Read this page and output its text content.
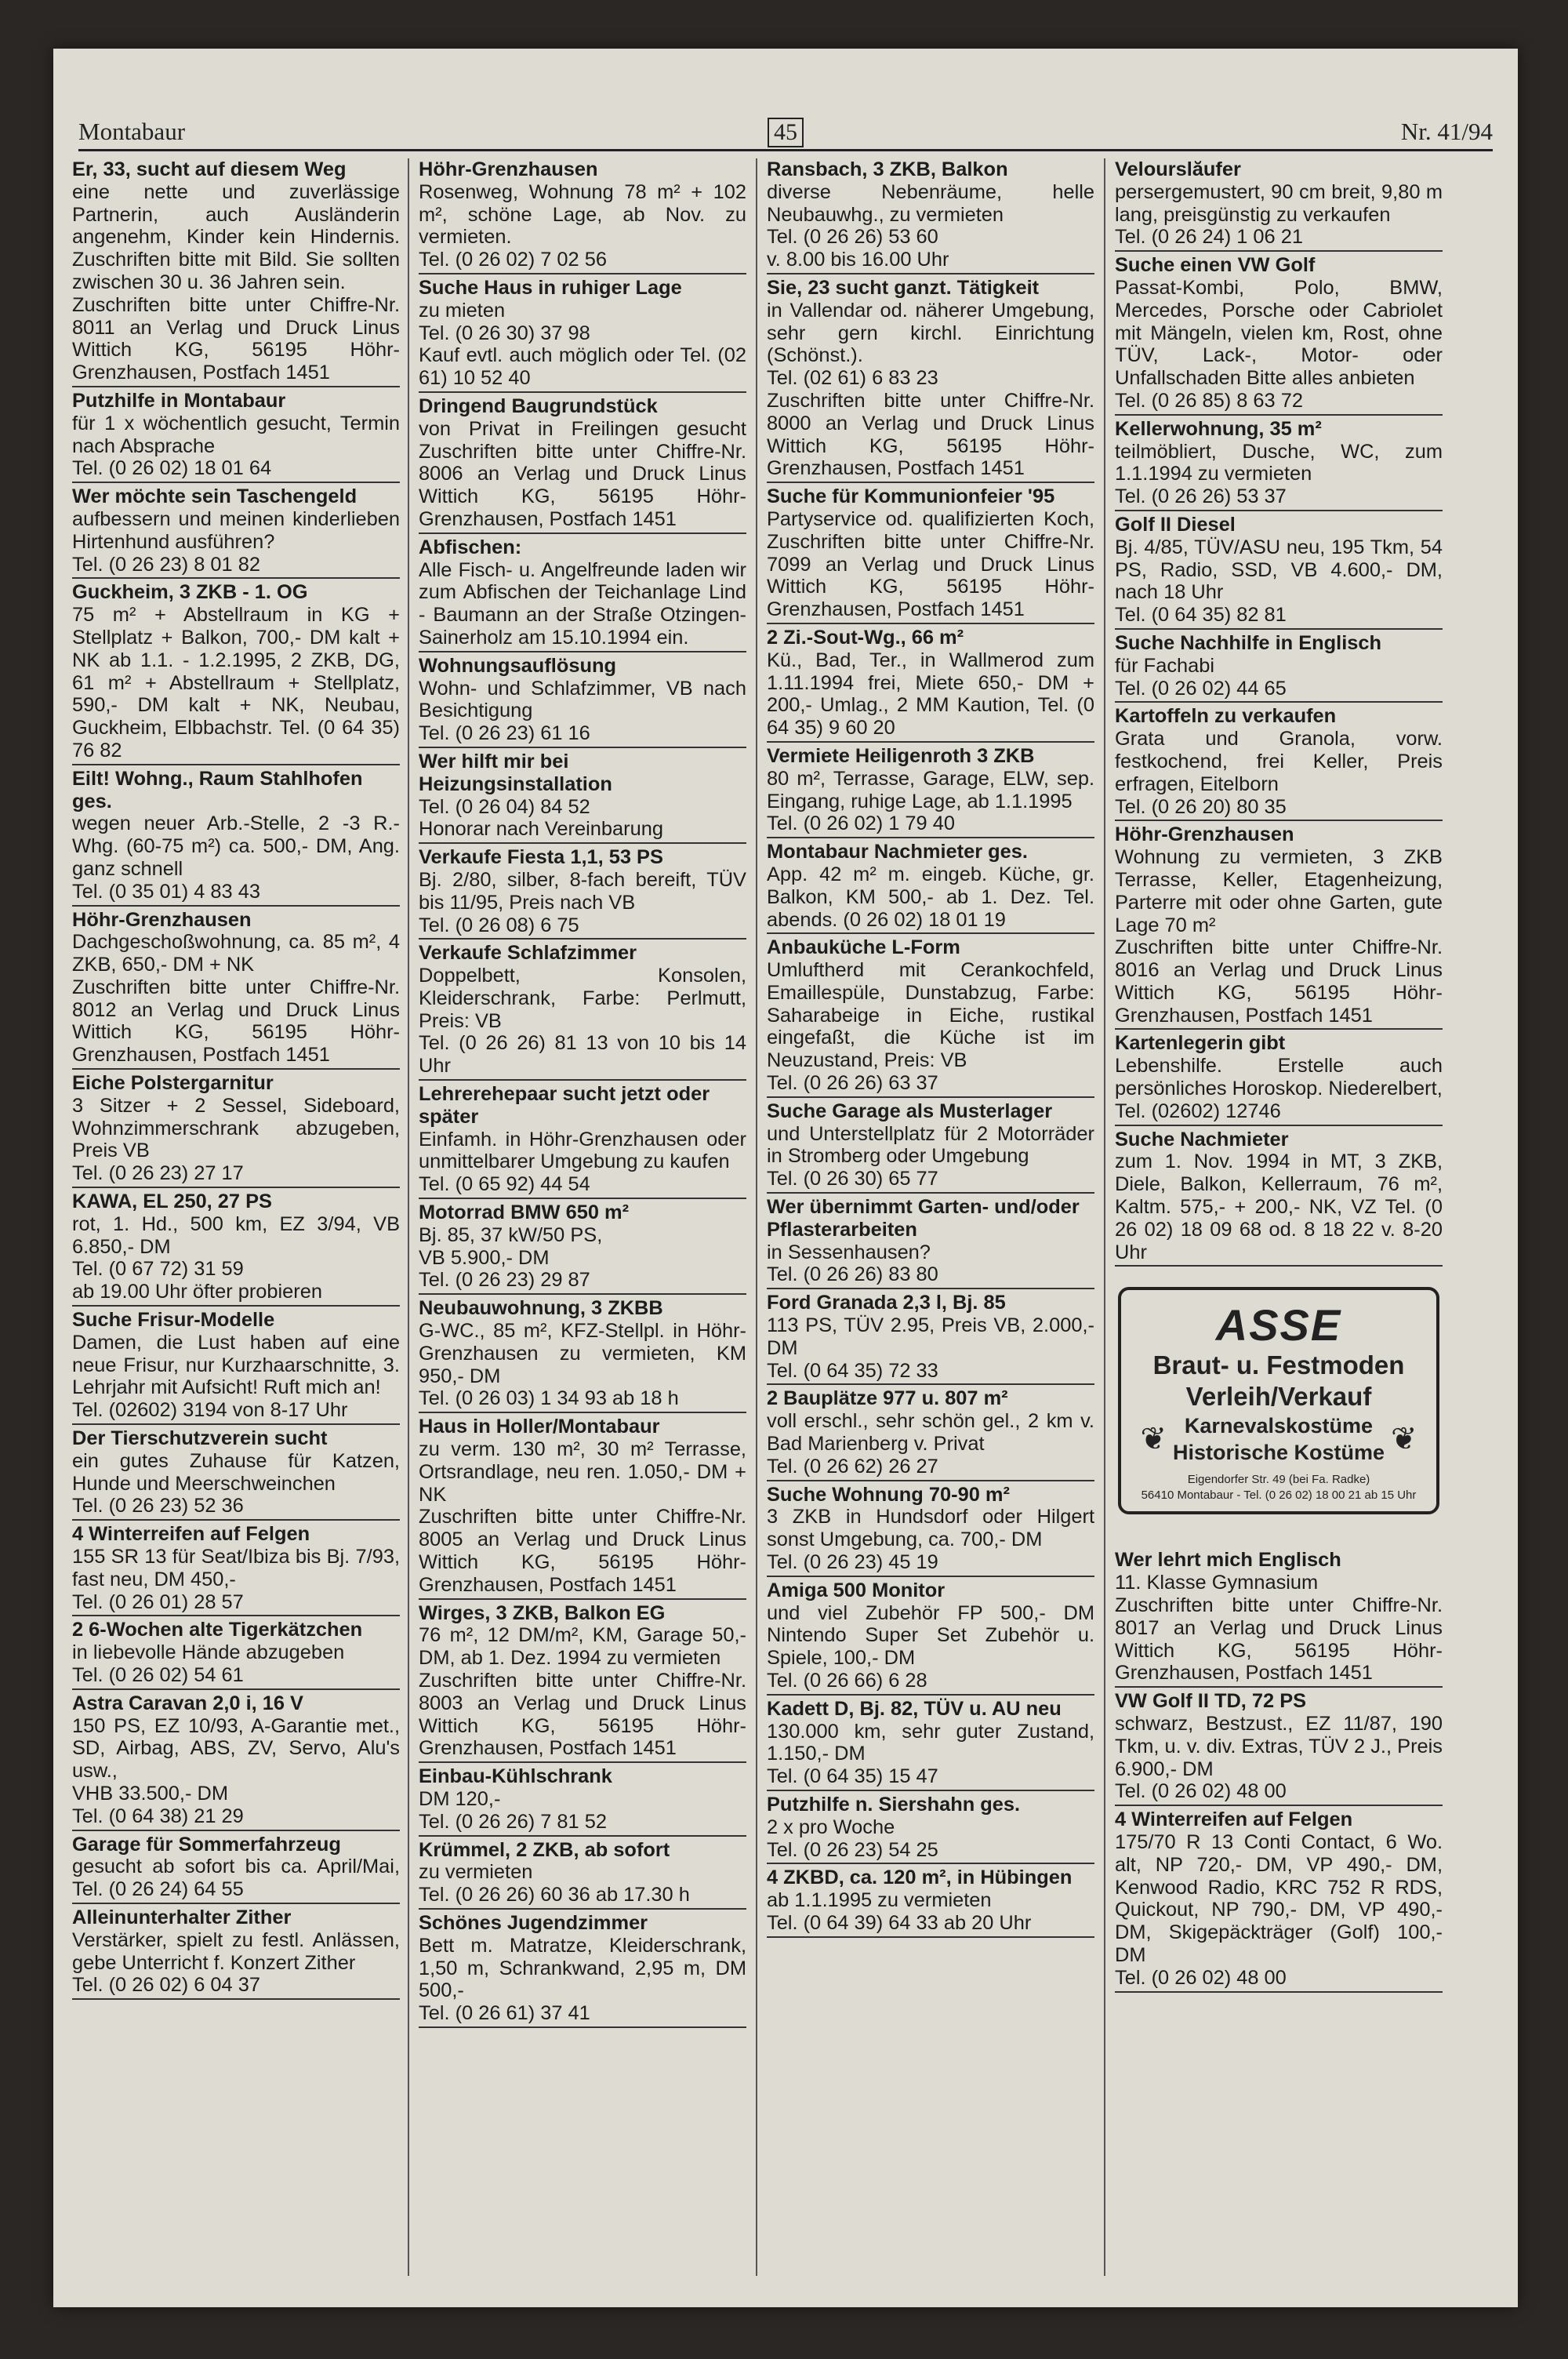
Montabaur	45	Nr. 41/94
Er, 33, sucht auf diesem Weg
eine nette und zuverlässige Partnerin, auch Ausländerin angenehm, Kinder kein Hindernis. Zuschriften bitte mit Bild. Sie sollten zwischen 30 u. 36 Jahren sein.
Zuschriften bitte unter Chiffre-Nr. 8011 an Verlag und Druck Linus Wittich KG, 56195 Höhr-Grenzhausen, Postfach 1451
Putzhilfe in Montabaur
für 1 x wöchentlich gesucht, Termin nach Absprache
Tel. (0 26 02) 18 01 64
Wer möchte sein Taschengeld
aufbessern und meinen kinderlieben Hirtenhund ausführen?
Tel. (0 26 23) 8 01 82
Guckheim, 3 ZKB - 1. OG
75 m² + Abstellraum in KG + Stellplatz + Balkon, 700,- DM kalt + NK ab 1.1. - 1.2.1995, 2 ZKB, DG, 61 m² + Abstellraum + Stellplatz, 590,- DM kalt + NK, Neubau, Guckheim, Elbbachstr. Tel. (0 64 35) 76 82
Eilt! Wohng., Raum Stahlhofen ges.
wegen neuer Arb.-Stelle, 2 -3 R.-Whg. (60-75 m²) ca. 500,- DM, Ang. ganz schnell
Tel. (0 35 01) 4 83 43
Höhr-Grenzhausen
Dachgeschoßwohnung, ca. 85 m², 4 ZKB, 650,- DM + NK
Zuschriften bitte unter Chiffre-Nr. 8012 an Verlag und Druck Linus Wittich KG, 56195 Höhr-Grenzhausen, Postfach 1451
Eiche Polstergarnitur
3 Sitzer + 2 Sessel, Sideboard, Wohnzimmerschrank abzugeben, Preis VB
Tel. (0 26 23) 27 17
KAWA, EL 250, 27 PS
rot, 1. Hd., 500 km, EZ 3/94, VB 6.850,- DM
Tel. (0 67 72) 31 59
ab 19.00 Uhr öfter probieren
Suche Frisur-Modelle
Damen, die Lust haben auf eine neue Frisur, nur Kurzhaarschnitte, 3. Lehrjahr mit Aufsicht! Ruft mich an!
Tel. (02602) 3194 von 8-17 Uhr
Der Tierschutzverein sucht
ein gutes Zuhause für Katzen, Hunde und Meerschweinchen
Tel. (0 26 23) 52 36
4 Winterreifen auf Felgen
155 SR 13 für Seat/Ibiza bis Bj. 7/93, fast neu, DM 450,-
Tel. (0 26 01) 28 57
2 6-Wochen alte Tigerkätzchen
in liebevolle Hände abzugeben
Tel. (0 26 02) 54 61
Astra Caravan 2,0 i, 16 V
150 PS, EZ 10/93, A-Garantie met., SD, Airbag, ABS, ZV, Servo, Alu's usw.,
VHB 33.500,- DM
Tel. (0 64 38) 21 29
Garage für Sommerfahrzeug
gesucht ab sofort bis ca. April/Mai, Tel. (0 26 24) 64 55
Alleinunterhalter Zither
Verstärker, spielt zu festl. Anlässen, gebe Unterricht f. Konzert Zither
Tel. (0 26 02) 6 04 37
Höhr-Grenzhausen
Rosenweg, Wohnung 78 m² + 102 m², schöne Lage, ab Nov. zu vermieten.
Tel. (0 26 02) 7 02 56
Suche Haus in ruhiger Lage
zu mieten
Tel. (0 26 30) 37 98
Kauf evtl. auch möglich oder Tel. (02 61) 10 52 40
Dringend Baugrundstück
von Privat in Freilingen gesucht Zuschriften bitte unter Chiffre-Nr. 8006 an Verlag und Druck Linus Wittich KG, 56195 Höhr-Grenzhausen, Postfach 1451
Abfischen:
Alle Fisch- u. Angelfreunde laden wir zum Abfischen der Teichanlage Lind - Baumann an der Straße Otzingen-Sainerholz am 15.10.1994 ein.
Wohnungsauflösung
Wohn- und Schlafzimmer, VB nach Besichtigung
Tel. (0 26 23) 61 16
Wer hilft mir bei Heizungsinstallation
Tel. (0 26 04) 84 52
Honorar nach Vereinbarung
Verkaufe Fiesta 1,1, 53 PS
Bj. 2/80, silber, 8-fach bereift, TÜV bis 11/95, Preis nach VB
Tel. (0 26 08) 6 75
Verkaufe Schlafzimmer
Doppelbett, Konsolen, Kleiderschrank, Farbe: Perlmutt, Preis: VB
Tel. (0 26 26) 81 13 von 10 bis 14 Uhr
Lehrerehepaar sucht jetzt oder später
Einfamh. in Höhr-Grenzhausen oder unmittelbarer Umgebung zu kaufen
Tel. (0 65 92) 44 54
Motorrad BMW 650 m²
Bj. 85, 37 kW/50 PS,
VB 5.900,- DM
Tel. (0 26 23) 29 87
Neubauwohnung, 3 ZKBB
G-WC., 85 m², KFZ-Stellpl. in Höhr-Grenzhausen zu vermieten, KM 950,- DM
Tel. (0 26 03) 1 34 93 ab 18 h
Haus in Holler/Montabaur
zu verm. 130 m², 30 m² Terrasse, Ortsrandlage, neu ren. 1.050,- DM + NK
Zuschriften bitte unter Chiffre-Nr. 8005 an Verlag und Druck Linus Wittich KG, 56195 Höhr-Grenzhausen, Postfach 1451
Wirges, 3 ZKB, Balkon EG
76 m², 12 DM/m², KM, Garage 50,- DM, ab 1. Dez. 1994 zu vermieten
Zuschriften bitte unter Chiffre-Nr. 8003 an Verlag und Druck Linus Wittich KG, 56195 Höhr-Grenzhausen, Postfach 1451
Einbau-Kühlschrank
DM 120,-
Tel. (0 26 26) 7 81 52
Krümmel, 2 ZKB, ab sofort
zu vermieten
Tel. (0 26 26) 60 36 ab 17.30 h
Schönes Jugendzimmer
Bett m. Matratze, Kleiderschrank, 1,50 m, Schrankwand, 2,95 m, DM 500,-
Tel. (0 26 61) 37 41
Ransbach, 3 ZKB, Balkon
diverse Nebenräume, helle Neubauwhg., zu vermieten
Tel. (0 26 26) 53 60
v. 8.00 bis 16.00 Uhr
Sie, 23 sucht ganzt. Tätigkeit
in Vallendar od. näherer Umgebung, sehr gern kirchl. Einrichtung (Schönst.).
Tel. (02 61) 6 83 23
Zuschriften bitte unter Chiffre-Nr. 8000 an Verlag und Druck Linus Wittich KG, 56195 Höhr-Grenzhausen, Postfach 1451
Suche für Kommunionfeier '95
Partyservice od. qualifizierten Koch, Zuschriften bitte unter Chiffre-Nr. 7099 an Verlag und Druck Linus Wittich KG, 56195 Höhr-Grenzhausen, Postfach 1451
2 Zi.-Sout-Wg., 66 m²
Kü., Bad, Ter., in Wallmerod zum 1.11.1994 frei, Miete 650,- DM + 200,- Umlag., 2 MM Kaution, Tel. (0 64 35) 9 60 20
Vermiete Heiligenroth 3 ZKB
80 m², Terrasse, Garage, ELW, sep. Eingang, ruhige Lage, ab 1.1.1995
Tel. (0 26 02) 1 79 40
Montabaur Nachmieter ges.
App. 42 m² m. eingeb. Küche, gr. Balkon, KM 500,- ab 1. Dez. Tel. abends. (0 26 02) 18 01 19
Anbauküche L-Form
Umluftherd mit Cerankochfeld, Emaillespüle, Dunstabzug, Farbe: Saharabeige in Eiche, rustikal eingefaßt, die Küche ist im Neuzustand, Preis: VB
Tel. (0 26 26) 63 37
Suche Garage als Musterlager
und Unterstellplatz für 2 Motorräder in Stromberg oder Umgebung
Tel. (0 26 30) 65 77
Wer übernimmt Garten- und/oder Pflasterarbeiten
in Sessenhausen?
Tel. (0 26 26) 83 80
Ford Granada 2,3 l, Bj. 85
113 PS, TÜV 2.95, Preis VB, 2.000,- DM
Tel. (0 64 35) 72 33
2 Bauplätze 977 u. 807 m²
voll erschl., sehr schön gel., 2 km v. Bad Marienberg v. Privat
Tel. (0 26 62) 26 27
Suche Wohnung 70-90 m²
3 ZKB in Hundsdorf oder Hilgert sonst Umgebung, ca. 700,- DM
Tel. (0 26 23) 45 19
Amiga 500 Monitor
und viel Zubehör FP 500,- DM Nintendo Super Set Zubehör u. Spiele, 100,- DM
Tel. (0 26 66) 6 28
Kadett D, Bj. 82, TÜV u. AU neu
130.000 km, sehr guter Zustand, 1.150,- DM
Tel. (0 64 35) 15 47
Putzhilfe n. Siershahn ges.
2 x pro Woche
Tel. (0 26 23) 54 25
4 ZKBD, ca. 120 m², in Hübingen
ab 1.1.1995 zu vermieten
Tel. (0 64 39) 64 33 ab 20 Uhr
Velourslăufer
persergemustert, 90 cm breit, 9,80 m lang, preisgünstig zu verkaufen
Tel. (0 26 24) 1 06 21
Suche einen VW Golf
Passat-Kombi, Polo, BMW, Mercedes, Porsche oder Cabriolet mit Mängeln, vielen km, Rost, ohne TÜV, Lack-, Motor- oder Unfallschaden Bitte alles anbieten
Tel. (0 26 85) 8 63 72
Kellerwohnung, 35 m²
teilmöbliert, Dusche, WC, zum 1.1.1994 zu vermieten
Tel. (0 26 26) 53 37
Golf II Diesel
Bj. 4/85, TÜV/ASU neu, 195 Tkm, 54 PS, Radio, SSD, VB 4.600,- DM, nach 18 Uhr
Tel. (0 64 35) 82 81
Suche Nachhilfe in Englisch
für Fachabi
Tel. (0 26 02) 44 65
Kartoffeln zu verkaufen
Grata und Granola, vorw. festkochend, frei Keller, Preis erfragen, Eitelborn
Tel. (0 26 20) 80 35
Höhr-Grenzhausen
Wohnung zu vermieten, 3 ZKB Terrasse, Keller, Etagenheizung, Parterre mit oder ohne Garten, gute Lage 70 m²
Zuschriften bitte unter Chiffre-Nr. 8016 an Verlag und Druck Linus Wittich KG, 56195 Höhr-Grenzhausen, Postfach 1451
Kartenlegerin gibt
Lebenshilfe. Erstelle auch persönliches Horoskop. Niederelbert,
Tel. (02602) 12746
Suche Nachmieter
zum 1. Nov. 1994 in MT, 3 ZKB, Diele, Balkon, Kellerraum, 76 m², Kaltm. 575,- + 200,- NK, VZ Tel. (0 26 02) 18 09 68 od. 8 18 22 v. 8-20 Uhr
ASSE
Braut- u. Festmoden
Verleih/Verkauf
❦ Karnevalskostüme
Historische Kostüme ❦
Eigendorfer Str. 49 (bei Fa. Radke)
56410 Montabaur - Tel. (0 26 02) 18 00 21 ab 15 Uhr
Wer lehrt mich Englisch
11. Klasse Gymnasium
Zuschriften bitte unter Chiffre-Nr. 8017 an Verlag und Druck Linus Wittich KG, 56195 Höhr-Grenzhausen, Postfach 1451
VW Golf II TD, 72 PS
schwarz, Bestzust., EZ 11/87, 190 Tkm, u. v. div. Extras, TÜV 2 J., Preis 6.900,- DM
Tel. (0 26 02) 48 00
4 Winterreifen auf Felgen
175/70 R 13 Conti Contact, 6 Wo. alt, NP 720,- DM, VP 490,- DM, Kenwood Radio, KRC 752 R RDS, Quickout, NP 790,- DM, VP 490,- DM, Skigepäckträger (Golf) 100,- DM
Tel. (0 26 02) 48 00
